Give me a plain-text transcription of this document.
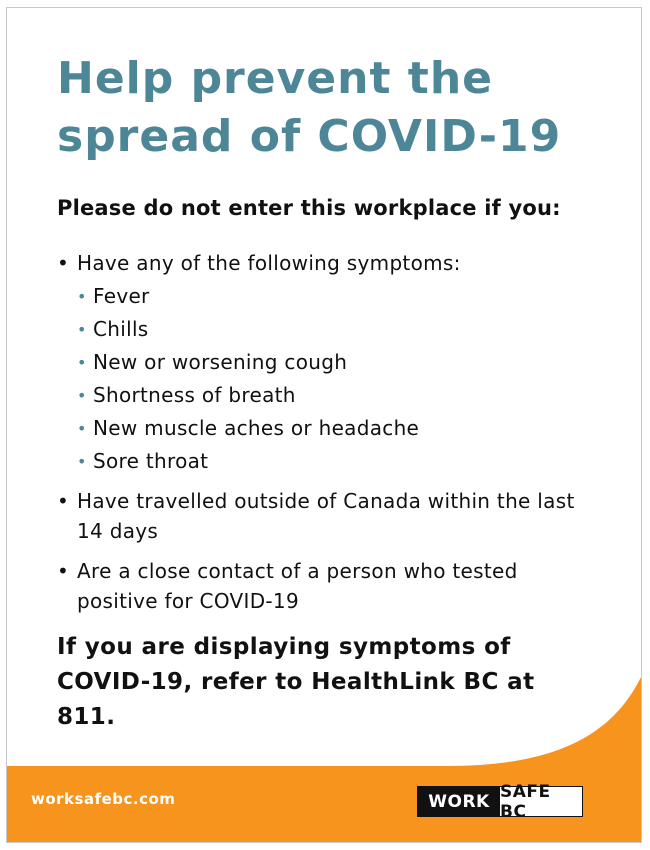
Help prevent the
spread of COVID-19
Please do not enter this workplace if you:
• Have any of the following symptoms:
• Fever
• Chills
• New or worsening cough
• Shortness of breath
• New muscle aches or headache
• Sore throat
• Have travelled outside of Canada within the last 14 days
• Are a close contact of a person who tested positive for COVID-19

If you are displaying symptoms of COVID-19, refer to HealthLink BC at 811.

worksafebc.com	WORK SAFE BC
